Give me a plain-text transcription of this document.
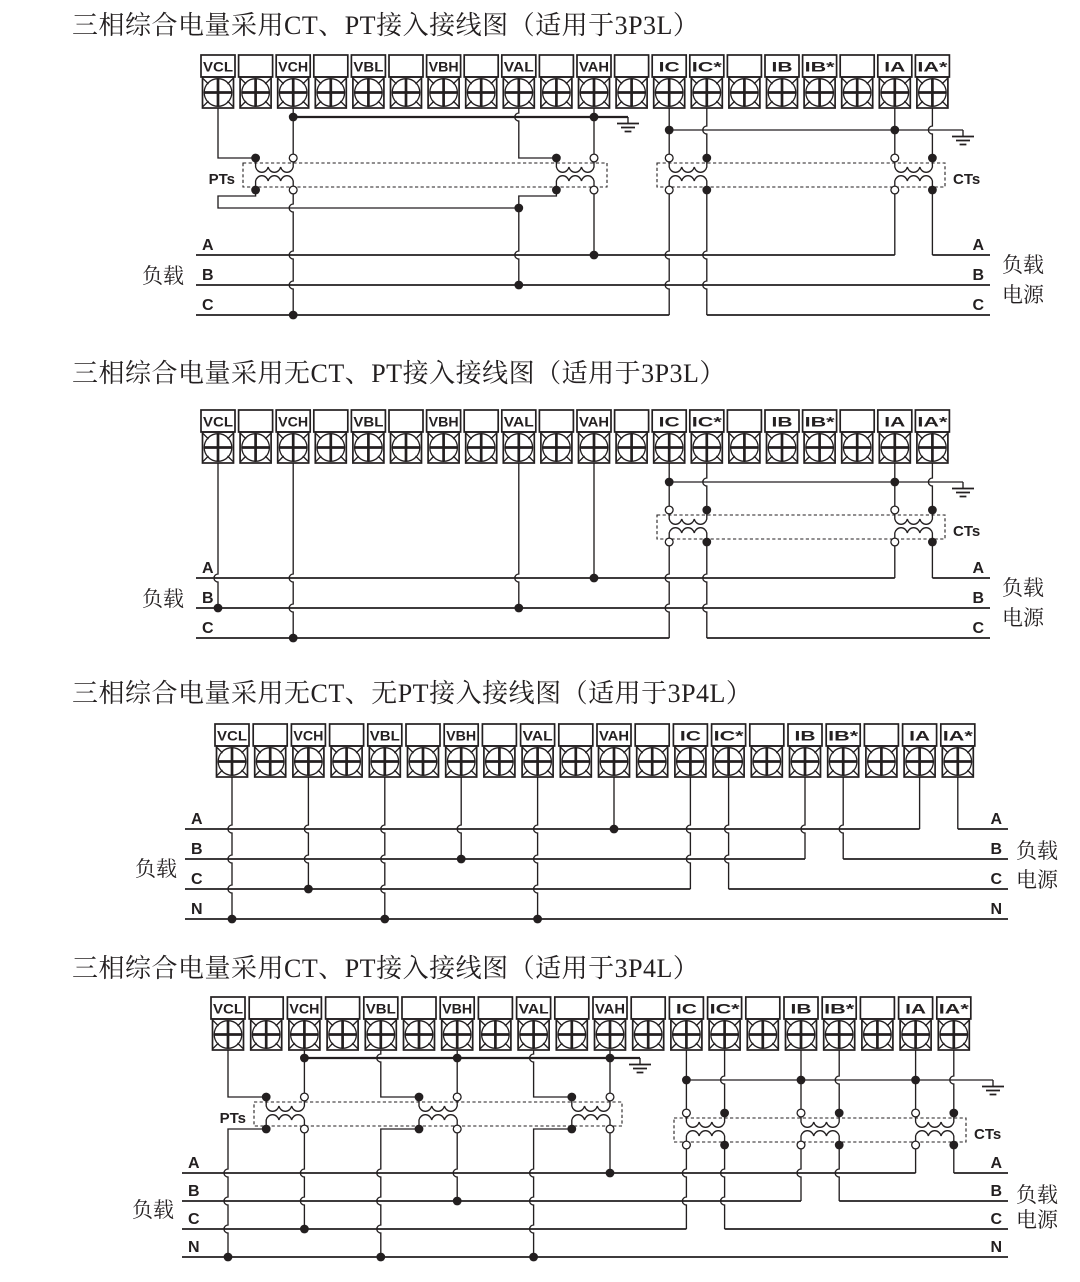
三相综合电量采用CT、PT接入接线图（适用于3P3L）
VCL	VCH	VBL	VBH	VAL	VAH	IC IC*	IB IB*	IA IA*
PTs	CTs
负载
A
B
C
A
B
C
负载
电源
三相综合电量采用无CT、PT接入接线图（适用于3P3L）
VCL	VCH	VBL	VBH	VAL	VAH	IC IC*	IB IB*	IA IA*
CTs
负载
A
B
C
A
B
C
负载
电源
三相综合电量采用无CT、无PT接入接线图（适用于3P4L）
VCL	VCH	VBL	VBH	VAL	VAH	IC IC*	IB IB*	IA IA*
负载
A
B
C
N
A
B
C
N
负载
电源
三相综合电量采用CT、PT接入接线图（适用于3P4L）
VCL	VCH	VBL	VBH	VAL	VAH	IC IC*	IB IB*	IA IA*
PTs
CTs
负载
A
B
C
N
A
B
C
N
负载
电源
